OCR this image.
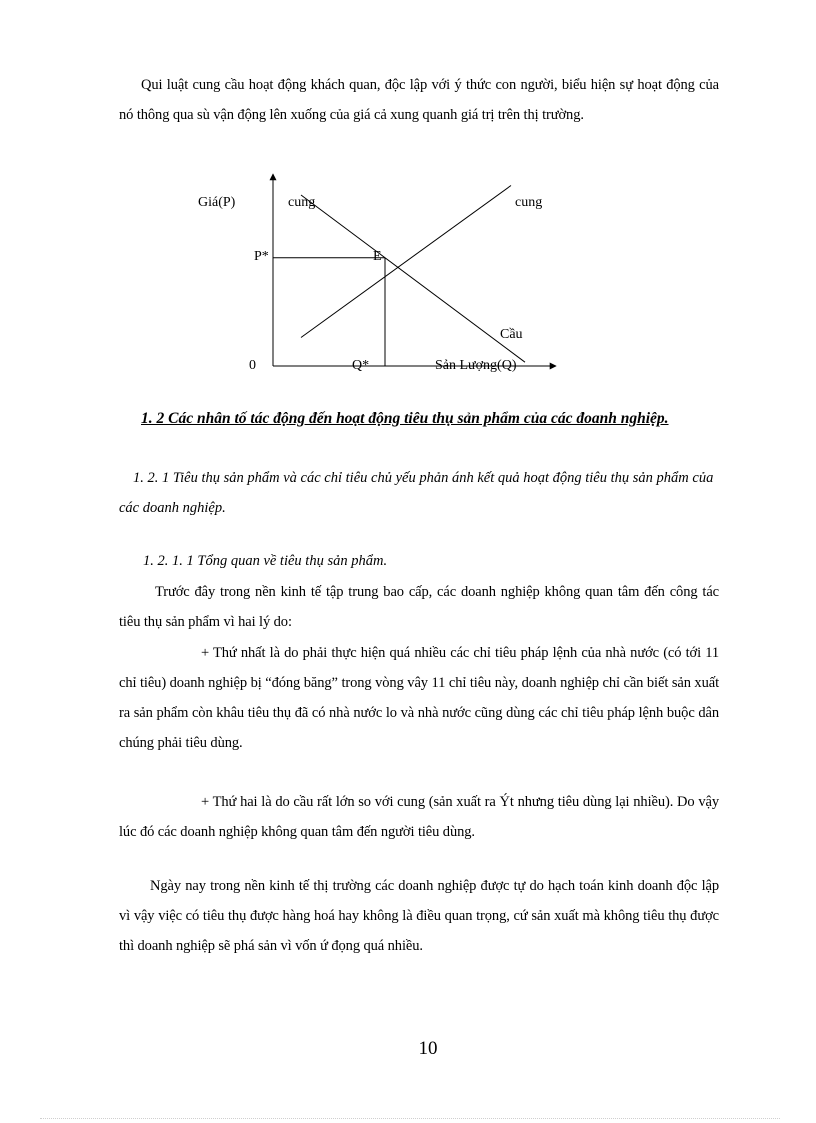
Qui luật cung cầu hoạt động khách quan, độc lập với ý thức con người, biểu hiện sự hoạt động của nó thông qua sù vận động lên xuống của giá cả xung quanh giá trị trên thị trường.

Giá(P)	cung	cung
P*	E
Cầu
0	Q*	Sản Lượng(Q)

1. 2 Các nhân tố tác động đến hoạt động tiêu thụ sản phẩm của các đoanh nghiệp.

1. 2. 1 Tiêu thụ sản phẩm và các chỉ tiêu chủ yếu phản ánh kết quả hoạt động tiêu thụ sản phẩm của các doanh nghiệp.

1. 2. 1. 1 Tổng quan về tiêu thụ sản phẩm.

Trước đây trong nền kinh tế tập trung bao cấp, các doanh nghiệp không quan tâm đến công tác tiêu thụ sản phẩm vì hai lý do:

+ Thứ nhất là do phải thực hiện quá nhiều các chỉ tiêu pháp lệnh của nhà nước (có tới 11 chỉ tiêu) doanh nghiệp bị “đóng băng” trong vòng vây 11 chỉ tiêu này, doanh nghiệp chỉ cần biết sản xuất ra sản phẩm còn khâu tiêu thụ đã có nhà nước lo và nhà nước cũng dùng các chỉ tiêu pháp lệnh buộc dân chúng phải tiêu dùng.

+ Thứ hai là do cầu rất lớn so với cung (sản xuất ra Ýt nhưng tiêu dùng lại nhiều). Do vậy lúc đó các doanh nghiệp không quan tâm đến người tiêu dùng.

Ngày nay trong nền kinh tế thị trường các doanh nghiệp được tự do hạch toán kinh doanh độc lập vì vậy việc có tiêu thụ được hàng hoá hay không là điều quan trọng, cứ sản xuất mà không tiêu thụ được thì doanh nghiệp sẽ phá sản vì vốn ứ đọng quá nhiều.

10
